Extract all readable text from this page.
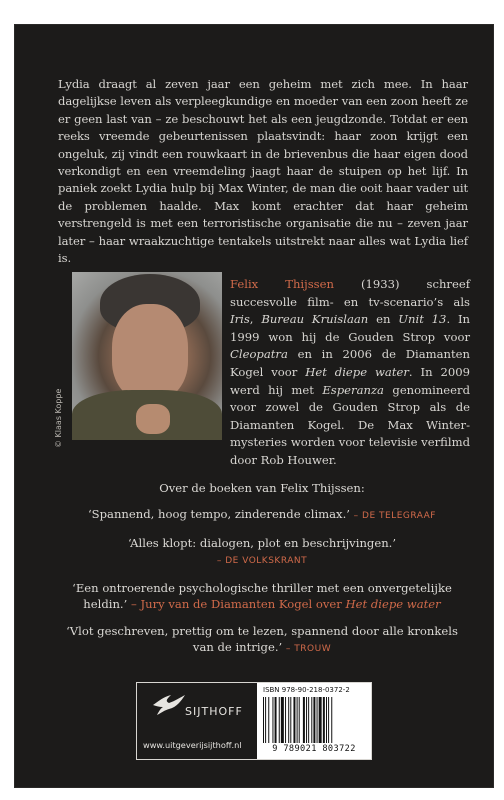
Lydia draagt al zeven jaar een geheim met zich mee. In haar dagelijkse leven als verpleegkundige en moeder van een zoon heeft ze er geen last van – ze beschouwt het als een jeugdzonde. Totdat er een reeks vreemde gebeurtenissen plaatsvindt: haar zoon krijgt een ongeluk, zij vindt een rouwkaart in de brievenbus die haar eigen dood verkondigt en een vreemdeling jaagt haar de stuipen op het lijf. In paniek zoekt Lydia hulp bij Max Winter, de man die ooit haar vader uit de problemen haalde. Max komt erachter dat haar geheim verstrengeld is met een terroristische organisatie die nu – zeven jaar later – haar wraakzuchtige tentakels uitstrekt naar alles wat Lydia lief is.

© Klaas Koppe

Felix Thijssen (1933) schreef succesvolle film- en tv-scenario’s als Iris, Bureau Kruislaan en Unit 13. In 1999 won hij de Gouden Strop voor Cleopatra en in 2006 de Diamanten Kogel voor Het diepe water. In 2009 werd hij met Esperanza genomineerd voor zowel de Gouden Strop als de Diamanten Kogel. De Max Winter-mysteries worden voor televisie verfilmd door Rob Houwer.

Over de boeken van Felix Thijssen:

‘Spannend, hoog tempo, zinderende climax.’ – DE TELEGRAAF

‘Alles klopt: dialogen, plot en beschrijvingen.’
– DE VOLKSKRANT

‘Een ontroerende psychologische thriller met een onvergetelijke heldin.’ – Jury van de Diamanten Kogel over Het diepe water

‘Vlot geschreven, prettig om te lezen, spannend door alle kronkels van de intrige.’ – TROUW

SIJTHOFF
www.uitgeverijsijthoff.nl
ISBN 978-90-218-0372-2
9 789021 803722
